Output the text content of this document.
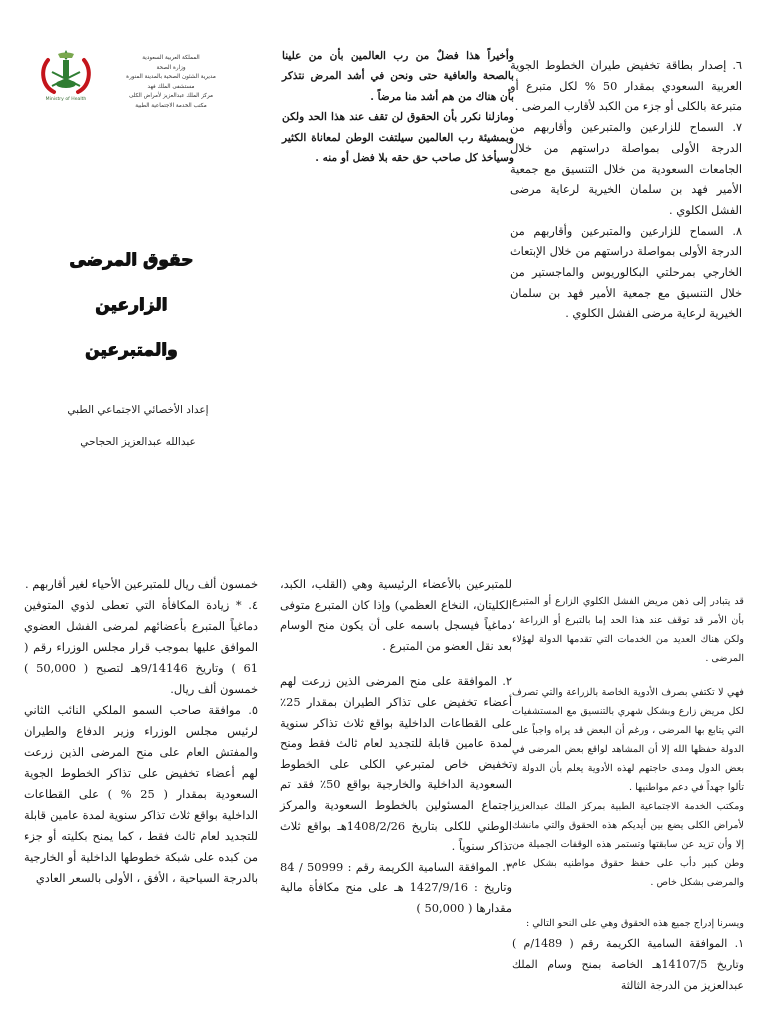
Ministry of Health
المملكة العربية السعودية
وزارة الصحة
مديرية الشئون الصحية بالمدينة المنورة
مستشفى الملك فهد
مركز الملك عبدالعزيز لأمراض الكلى
مكتب الخدمة الاجتماعية الطبية
حقوق المرضى الزارعين
والمتبرعين
إعداد الأخصائي الاجتماعي الطبي
عبدالله عبدالعزيز الحجاحي

وأخيراً هذا فضلٌ من رب العالمين بأن من علينا بالصحة والعافية حتى ونحن في أشد المرض نتذكر بأن هناك من هم أشد منا مرضاً .

ومازلنا نكرر بأن الحقوق لن تقف عند هذا الحد ولكن وبمشيئة رب العالمين سيلتفت الوطن لمعاناة الكثير وسيأخذ كل صاحب حق حقه بلا فضل أو منه .

٦. إصدار بطاقة تخفيض طيران الخطوط الجوية العربية السعودي بمقدار 50 % لكل متبرع أو متبرعة بالكلى أو جزء من الكبد لأقارب المرضى .

٧. السماح للزارعين والمتبرعين وأقاربهم من الدرجة الأولى بمواصلة دراستهم من خلال الجامعات السعودية من خلال التنسيق مع جمعية الأمير فهد بن سلمان الخيرية لرعاية مرضى الفشل الكلوي .

٨. السماح للزارعين والمتبرعين وأقاربهم من الدرجة الأولى بمواصلة دراستهم من خلال الإبتعاث الخارجي بمرحلتي البكالوريوس والماجستير من خلال التنسيق مع جمعية الأمير فهد بن سلمان الخيرية لرعاية مرضى الفشل الكلوي .

قد يتبادر إلى ذهن مريض الفشل الكلوي الزارع أو المتبرع بأن الأمر قد توقف عند هذا الحد إما بالتبرع أو الزراعة ، ولكن هناك العديد من الخدمات التي تقدمها الدولة لهؤلاء المرضى .

فهي لا تكتفي بصرف الأدوية الخاصة بالزراعة والتي تصرف لكل مريض زارع وبشكل شهري بالتنسيق مع المستشفيات التي يتابع بها المرضى ، ورغم أن البعض قد يراه واجباً على الدولة حفظها الله إلا أن المشاهد لواقع بعض المرضى في بعض الدول ومدى حاجتهم لهذه الأدوية يعلم بأن الدولة لا تألوا جهداً في دعم مواطنيها .

ومكتب الخدمة الاجتماعية الطبية بمركز الملك عبدالعزيز لأمراض الكلى يضع بين أيديكم هذه الحقوق والتي مانشك إلا وأن تزيد عن سابقتها وتستمر هذه الوقفات الجميلة من وطن كبير دأب على حفظ حقوق مواطنيه بشكل عام والمرضى بشكل خاص .

ويسرنا إدراج جميع هذه الحقوق وهي على النحو التالي :

١. الموافقة السامية الكريمة رقم ( 1489/م ) وتاريخ 14107/5هـ الخاصة بمنح وسام الملك عبدالعزيز من الدرجة الثالثة

للمتبرعين بالأعضاء الرئيسية وهي (القلب، الكبد، الكليتان، النخاع العظمي) وإذا كان المتبرع متوفى دماغياً فيسجل باسمه على أن يكون منح الوسام بعد نقل العضو من المتبرع .

٢. الموافقة على منح المرضى الذين زرعت لهم أعضاء تخفيض على تذاكر الطيران بمقدار 25٪ على القطاعات الداخلية بواقع ثلاث تذاكر سنوية لمدة عامين قابلة للتجديد لعام ثالث فقط ومنح تخفيض خاص لمتبرعي الكلى على الخطوط السعودية الداخلية والخارجية بواقع 50٪ فقد تم اجتماع المسئولين بالخطوط السعودية والمركز الوطني للكلى بتاريخ 1408/2/26هـ بواقع ثلاث تذاكر سنوياً .

٣. الموافقة السامية الكريمة رقم : 50999 / 84 وتاريخ : 1427/9/16 هـ على منح مكافأة مالية مقدارها ( 50,000 )

خمسون ألف ريال للمتبرعين الأحياء لغير أقاربهم .

٤. * زيادة المكافأة التي تعطى لذوي المتوفين دماغياً المتبرع بأعضائهم لمرضى الفشل العضوي الموافق عليها بموجب قرار مجلس الوزراء رقم ( 61 ) وتاريخ 9/14146هـ لتصبح ( 50,000 ) خمسون ألف ريال.

٥. موافقة صاحب السمو الملكي النائب الثاني لرئيس مجلس الوزراء وزير الدفاع والطيران والمفتش العام على منح المرضى الذين زرعت لهم أعضاء تخفيض على تذاكر الخطوط الجوية السعودية بمقدار ( 25 % ) على القطاعات الداخلية بواقع ثلاث تذاكر سنوية لمدة عامين قابلة للتجديد لعام ثالث فقط ، كما يمنح بكليته أو جزء من كبده على شبكة خطوطها الداخلية أو الخارجية بالدرجة السياحية ، الأفق ، الأولى بالسعر العادي
